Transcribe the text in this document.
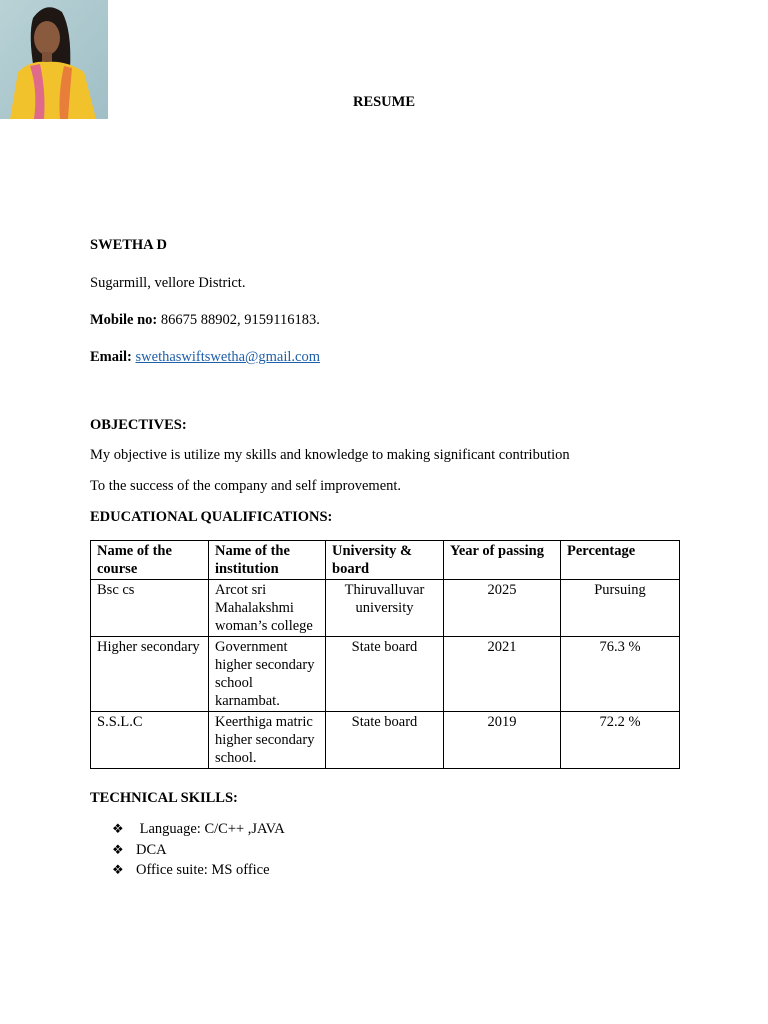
RESUME
SWETHA D
Sugarmill, vellore District.
Mobile no: 86675 88902, 9159116183.
Email: swethaswiftswetha@gmail.com
OBJECTIVES:
My objective is utilize my skills and knowledge to making significant contribution
To the success of the company and self improvement.
EDUCATIONAL QUALIFICATIONS:
Name of the course	Name of the institution	University & board	Year of passing	Percentage
Bsc cs	Arcot sri Mahalakshmi woman’s college	Thiruvalluvar university	2025	Pursuing
Higher secondary	Government higher secondary school karnambat.	State board	2021	76.3 %
S.S.L.C	Keerthiga matric higher secondary school.	State board	2019	72.2 %
TECHNICAL SKILLS:
❖ Language: C/C++ ,JAVA
❖ DCA
❖ Office suite: MS office
